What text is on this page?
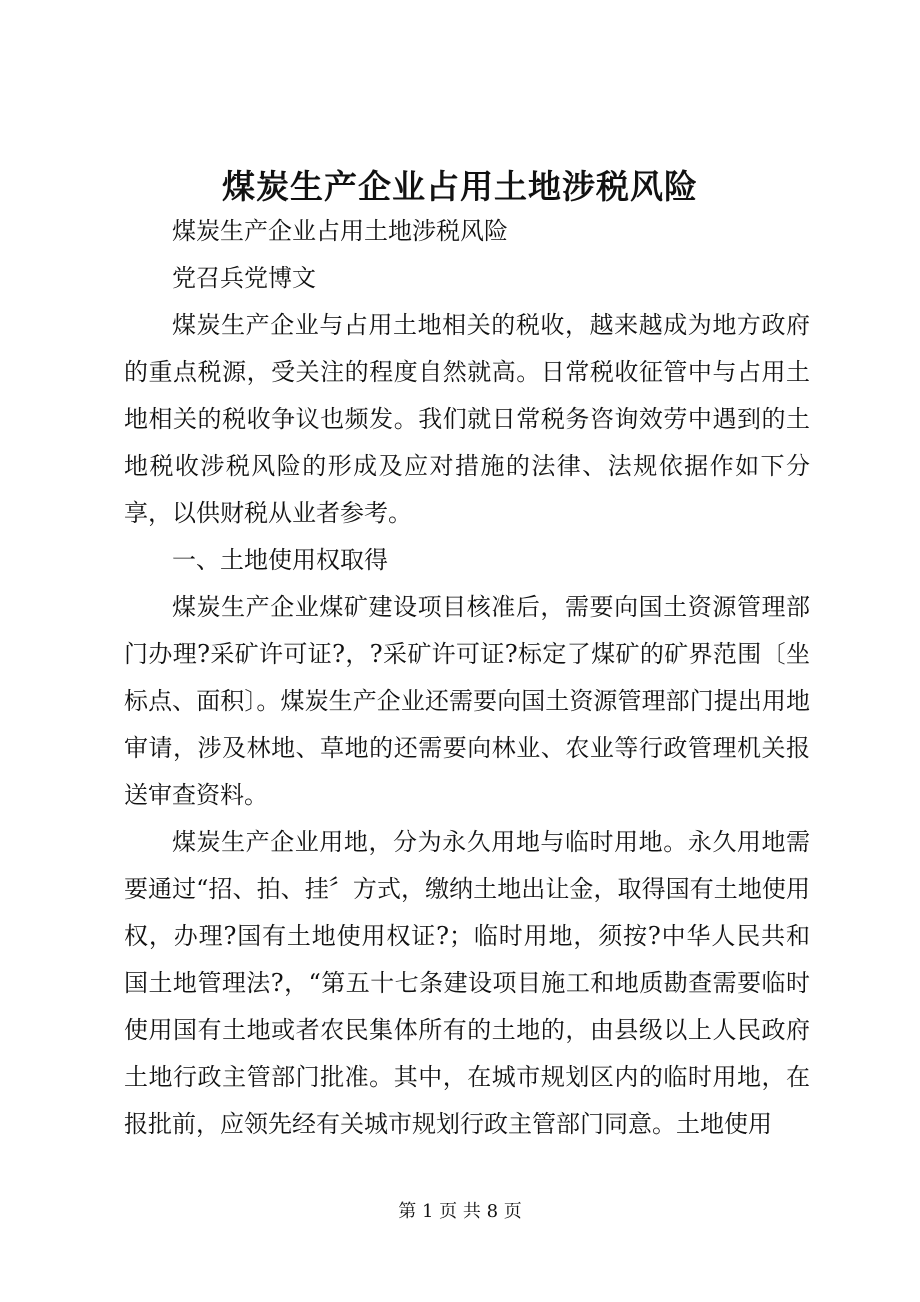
煤炭生产企业占用土地涉税风险

煤炭生产企业占用土地涉税风险

党召兵党博文

煤炭生产企业与占用土地相关的税收，越来越成为地方政府的重点税源，受关注的程度自然就高。日常税收征管中与占用土地相关的税收争议也频发。我们就日常税务咨询效劳中遇到的土地税收涉税风险的形成及应对措施的法律、法规依据作如下分享，以供财税从业者参考。

一、土地使用权取得

煤炭生产企业煤矿建设项目核准后，需要向国土资源管理部门办理?采矿许可证?，?采矿许可证?标定了煤矿的矿界范围〔坐标点、面积〕。煤炭生产企业还需要向国土资源管理部门提出用地审请，涉及林地、草地的还需要向林业、农业等行政管理机关报送审查资料。

煤炭生产企业用地，分为永久用地与临时用地。永久用地需要通过“招、拍、挂〞方式，缴纳土地出让金，取得国有土地使用权，办理?国有土地使用权证?；临时用地，须按?中华人民共和国土地管理法?，“第五十七条建设项目施工和地质勘查需要临时使用国有土地或者农民集体所有的土地的，由县级以上人民政府土地行政主管部门批准。其中，在城市规划区内的临时用地，在报批前，应领先经有关城市规划行政主管部门同意。土地使用

第 1 页 共 8 页
